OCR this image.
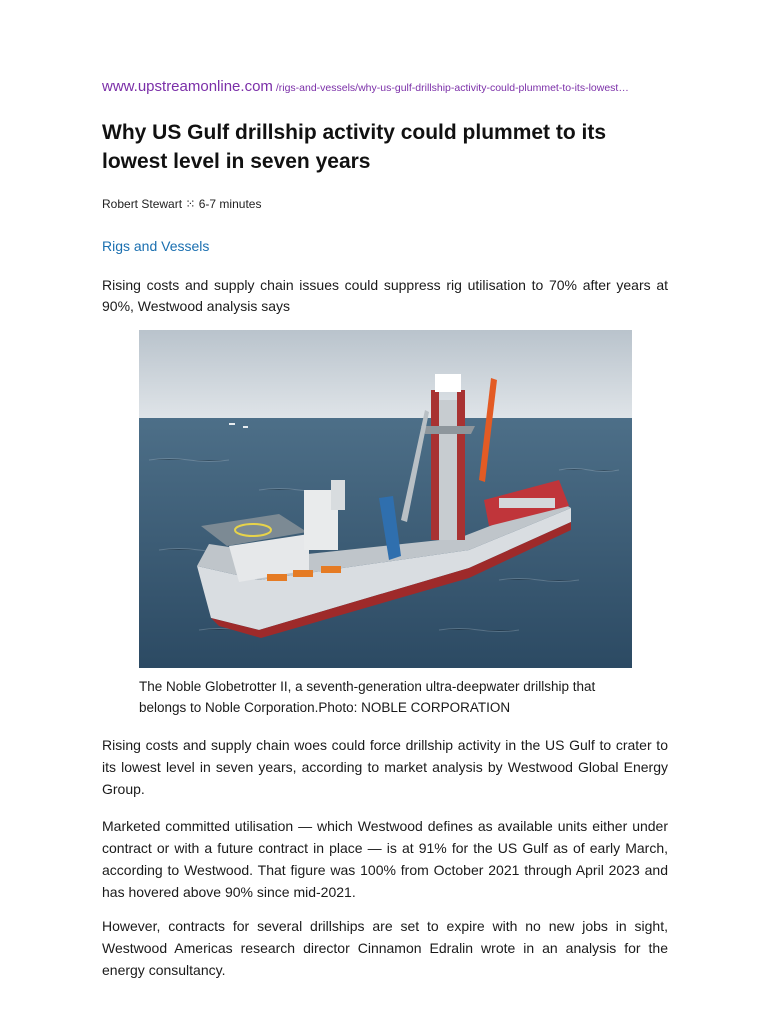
www.upstreamonline.com /rigs-and-vessels/why-us-gulf-drillship-activity-could-plummet-to-its-lowest…
Why US Gulf drillship activity could plummet to its lowest level in seven years
Robert Stewart ⁙ 6-7 minutes
Rigs and Vessels

Rising costs and supply chain issues could suppress rig utilisation to 70% after years at 90%, Westwood analysis says

The Noble Globetrotter II, a seventh-generation ultra-deepwater drillship that belongs to Noble Corporation.Photo: NOBLE CORPORATION

Rising costs and supply chain woes could force drillship activity in the US Gulf to crater to its lowest level in seven years, according to market analysis by Westwood Global Energy Group.

Marketed committed utilisation — which Westwood defines as available units either under contract or with a future contract in place — is at 91% for the US Gulf as of early March, according to Westwood. That figure was 100% from October 2021 through April 2023 and has hovered above 90% since mid-2021.

However, contracts for several drillships are set to expire with no new jobs in sight, Westwood Americas research director Cinnamon Edralin wrote in an analysis for the energy consultancy.
